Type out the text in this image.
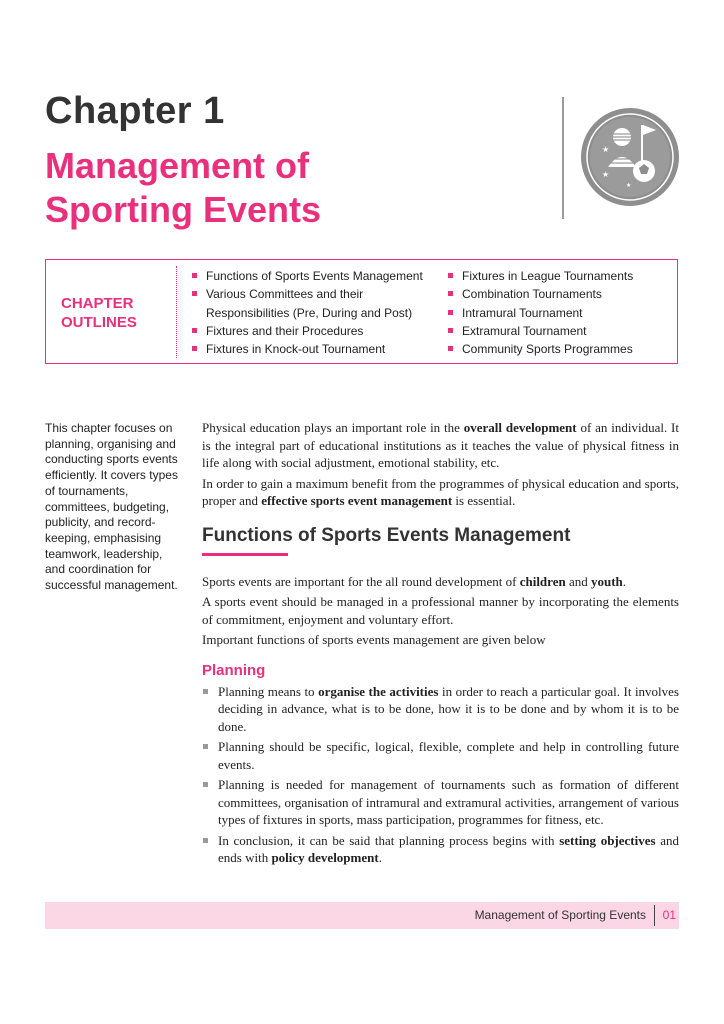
Chapter 1
Management of
Sporting Events
★
★
★
CHAPTER
OUTLINES
Functions of Sports Events Management
Various Committees and their Responsibilities (Pre, During and Post)
Fixtures and their Procedures
Fixtures in Knock-out Tournament
Fixtures in League Tournaments
Combination Tournaments
Intramural Tournament
Extramural Tournament
Community Sports Programmes
This chapter focuses on planning, organising and conducting sports events efficiently. It covers types of tournaments, committees, budgeting, publicity, and record-keeping, emphasising teamwork, leadership, and coordination for successful management.

Physical education plays an important role in the overall development of an individual. It is the integral part of educational institutions as it teaches the value of physical fitness in life along with social adjustment, emotional stability, etc.

In order to gain a maximum benefit from the programmes of physical education and sports, proper and effective sports event management is essential.

Functions of Sports Events Management

Sports events are important for the all round development of children and youth.

A sports event should be managed in a professional manner by incorporating the elements of commitment, enjoyment and voluntary effort.

Important functions of sports events management are given below

Planning
Planning means to organise the activities in order to reach a particular goal. It involves deciding in advance, what is to be done, how it is to be done and by whom it is to be done.
Planning should be specific, logical, flexible, complete and help in controlling future events.
Planning is needed for management of tournaments such as formation of different committees, organisation of intramural and extramural activities, arrangement of various types of fixtures in sports, mass participation, programmes for fitness, etc.
In conclusion, it can be said that planning process begins with setting objectives and ends with policy development.
Management of Sporting Events 01
